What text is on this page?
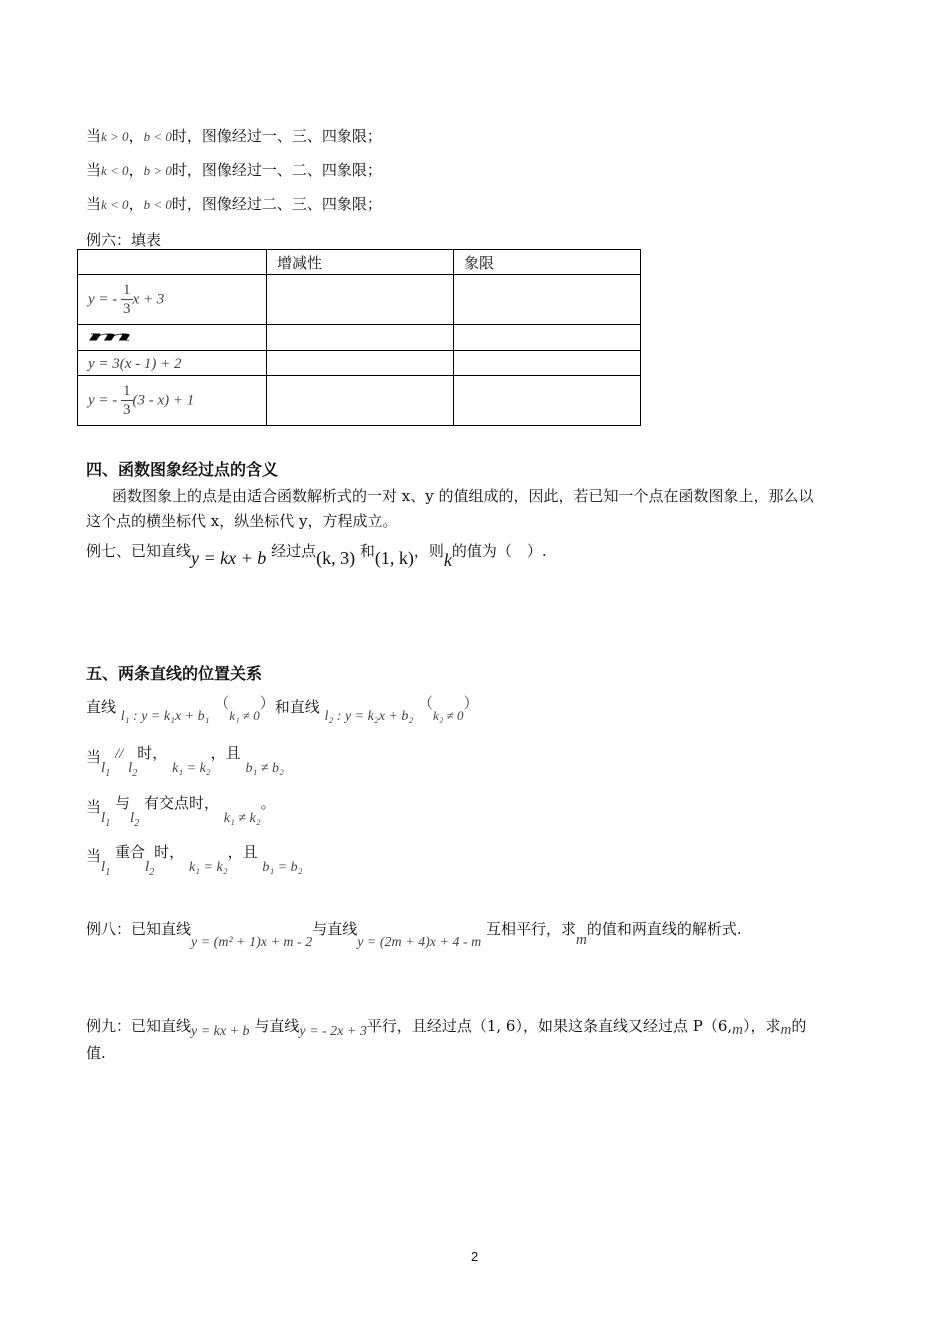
当k > 0，b < 0时，图像经过一、三、四象限；
当k < 0，b > 0时，图像经过一、二、四象限；
当k < 0，b < 0时，图像经过二、三、四象限；
例六：填表
	增减性	象限
y = - $\frac{1}{3}$ x + 3		
m		
y = 3(x - 1) + 2		
y = - $\frac{1}{3} (3 - x) + 1$		
四、函数图象经过点的含义
函数图象上的点是由适合函数解析式的一对 x、y 的值组成的，因此，若已知一个点在函数图象上，那么以
这个点的横坐标代 x，纵坐标代 y，方程成立。
例七、已知直线y = kx + b 经过点(k, 3) 和(1, k)，则k的值为（　）.
五、两条直线的位置关系
直线 l₁ : y = k₁x + b₁ （k₁ ≠ 0）和直线 l₂ : y = k₂x + b₂ （k₂ ≠ 0）
当$l_1 // l_2$时， k₁ = k₂，且 b₁ ≠ b₂
当$l_1$ 与$l_2$ 有交点时， k₁ ≠ k₂。
当$l_1$ 重合$l_2$时， k₁ = k₂，且 b₁ = b₂
例八：已知直线y = (m² + 1)x + m - 2与直线y = (2m + 4)x + 4 - m 互相平行，求m的值和两直线的解析式.
例九：已知直线y = kx + b 与直线y = - 2x + 3平行，且经过点（1, 6），如果这条直线又经过点 P（6,m），求m的
值.
2
